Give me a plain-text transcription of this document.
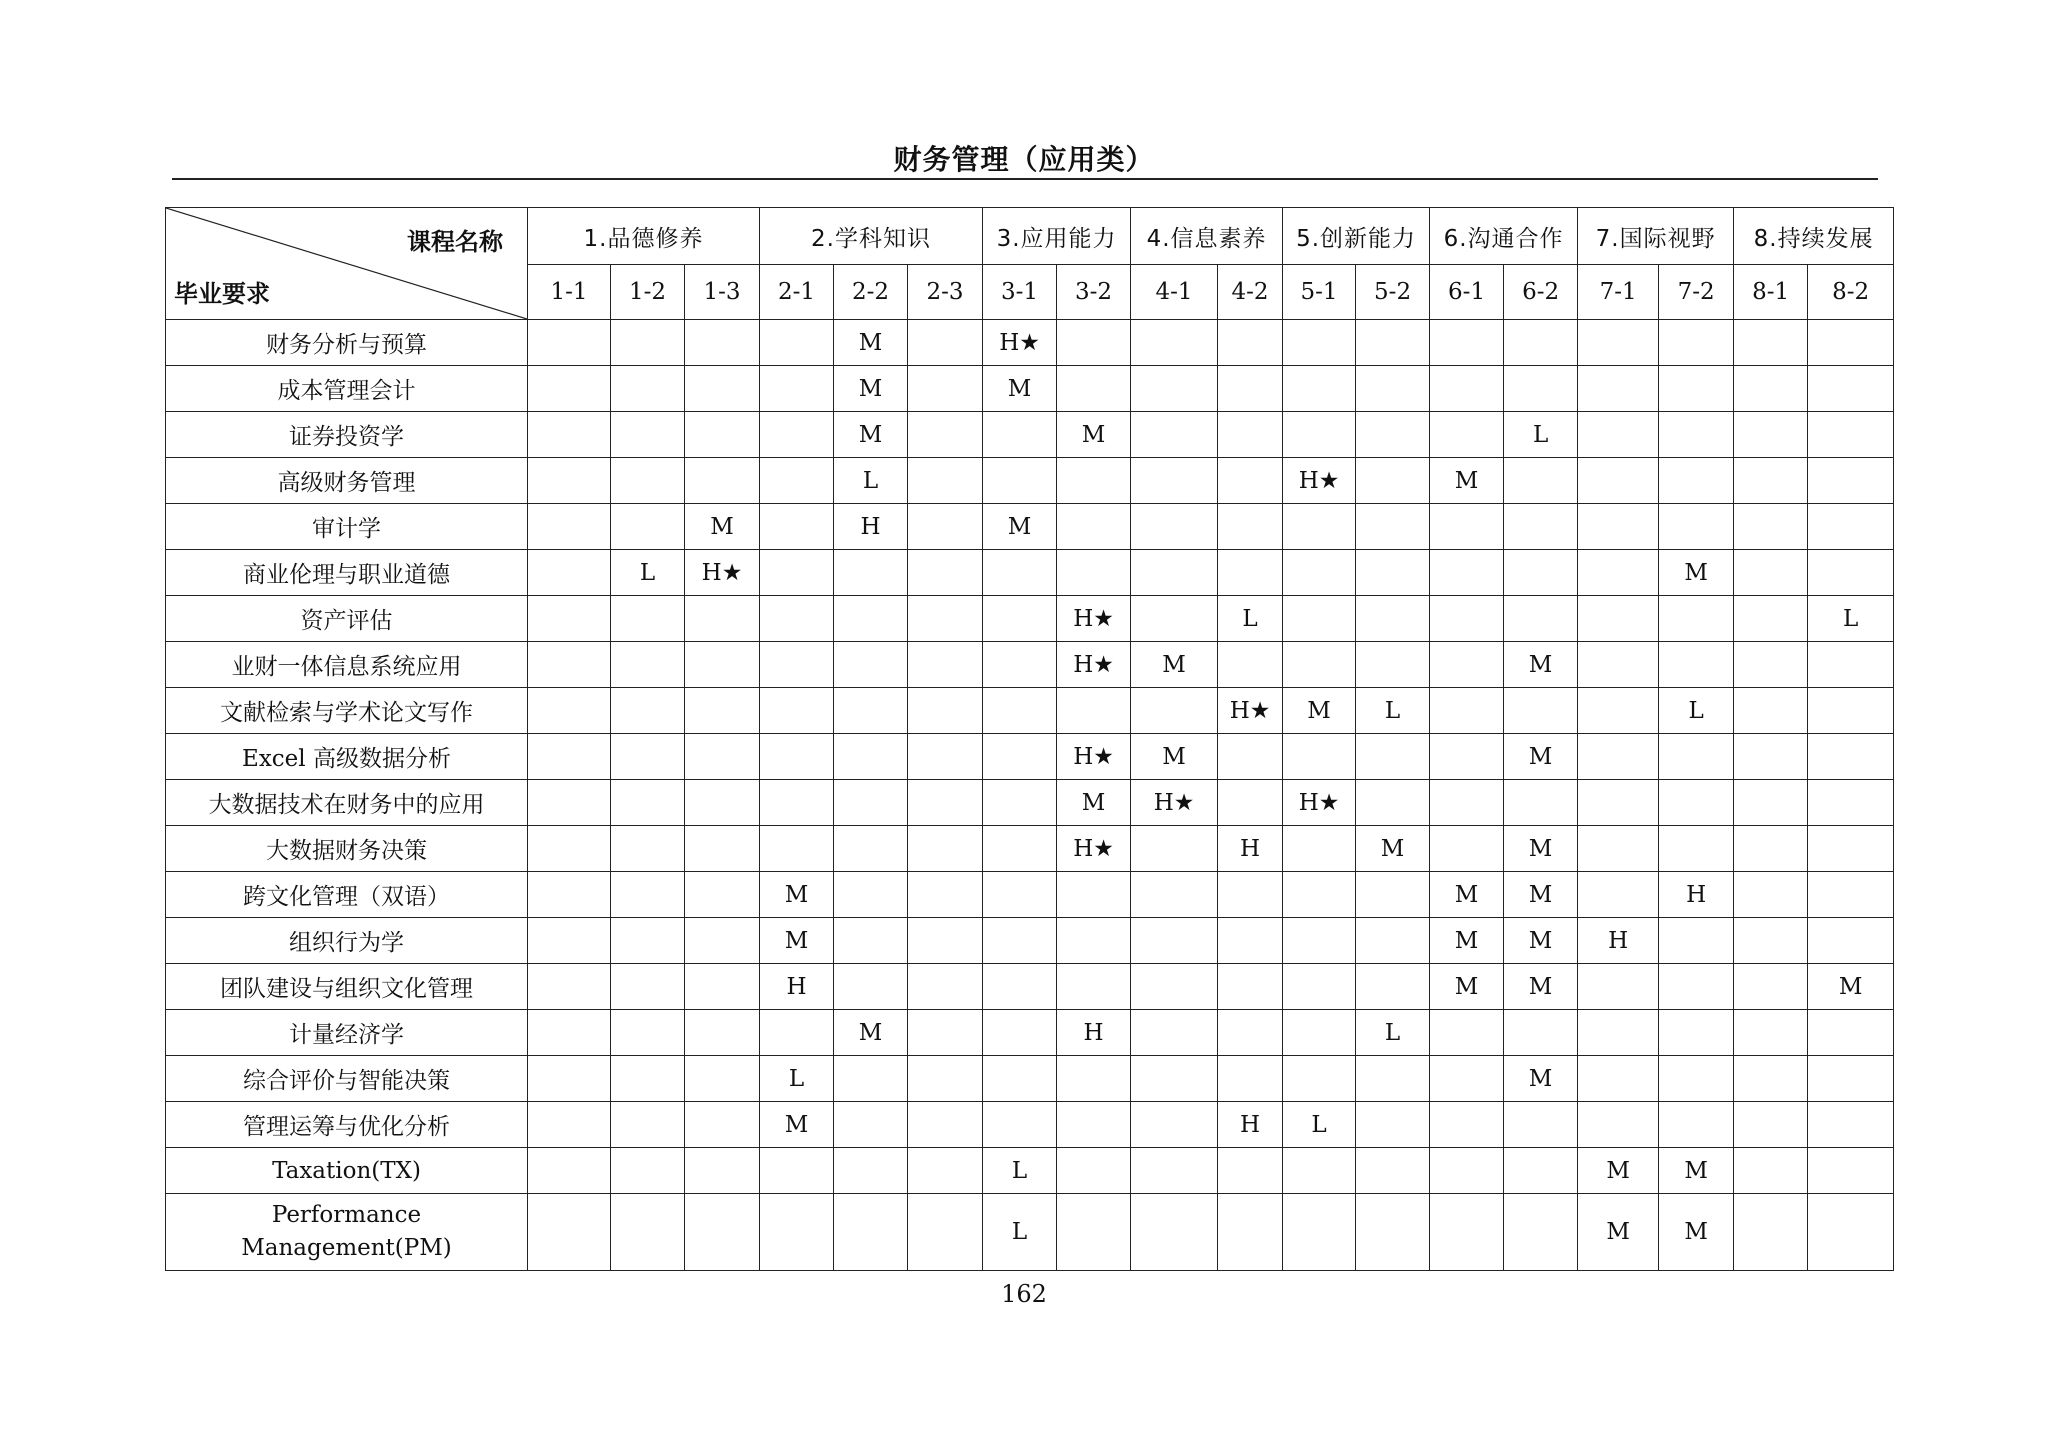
财务管理（应用类）
课程名称
毕业要求	1.品德修养			2.学科知识			3.应用能力		4.信息素养		5.创新能力		6.沟通合作		7.国际视野		8.持续发展	
	1-1	1-2	1-3	2-1	2-2	2-3	3-1	3-2	4-1	4-2	5-1	5-2	6-1	6-2	7-1	7-2	8-1	8-2
财务分析与预算					M		H★											
成本管理会计					M		M											
证券投资学					M			M						L				
高级财务管理					L						H★		M					
审计学			M		H		M											
商业伦理与职业道德		L	H★													M		
资产评估								H★		L								L
业财一体信息系统应用								H★	M					M				
文献检索与学术论文写作										H★	M	L				L		
Excel 高级数据分析								H★	M					M				
大数据技术在财务中的应用								M	H★		H★							
大数据财务决策								H★		H		M		M				
跨文化管理（双语）				M									M	M		H		
组织行为学				M									M	M	H			
团队建设与组织文化管理				H									M	M				M
计量经济学					M			H				L						
综合评价与智能决策				L										M				
管理运筹与优化分析				M						H	L							
Taxation(TX)							L								M	M		
Performance Management(PM)							L								M	M		
162
